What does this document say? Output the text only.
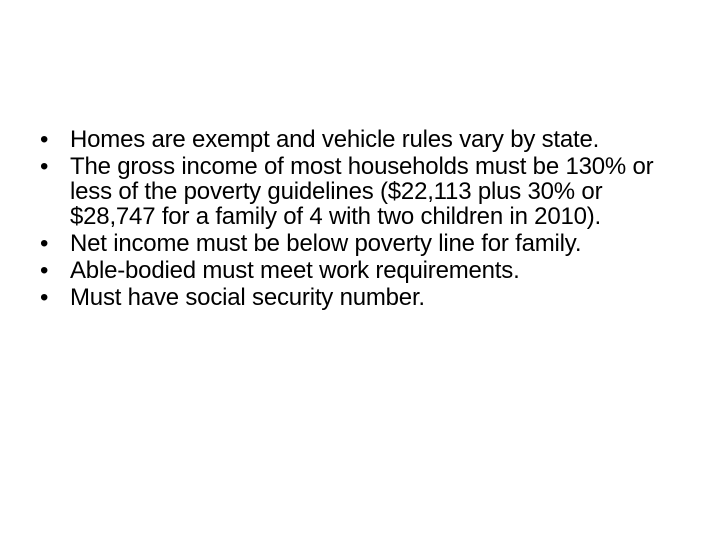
• Homes are exempt and vehicle rules vary by state.
• The gross income of most households must be 130% or less of the poverty guidelines ($22,113 plus 30% or $28,747 for a family of 4 with two children in 2010).
• Net income must be below poverty line for family.
• Able-bodied must meet work requirements.
• Must have social security number.
